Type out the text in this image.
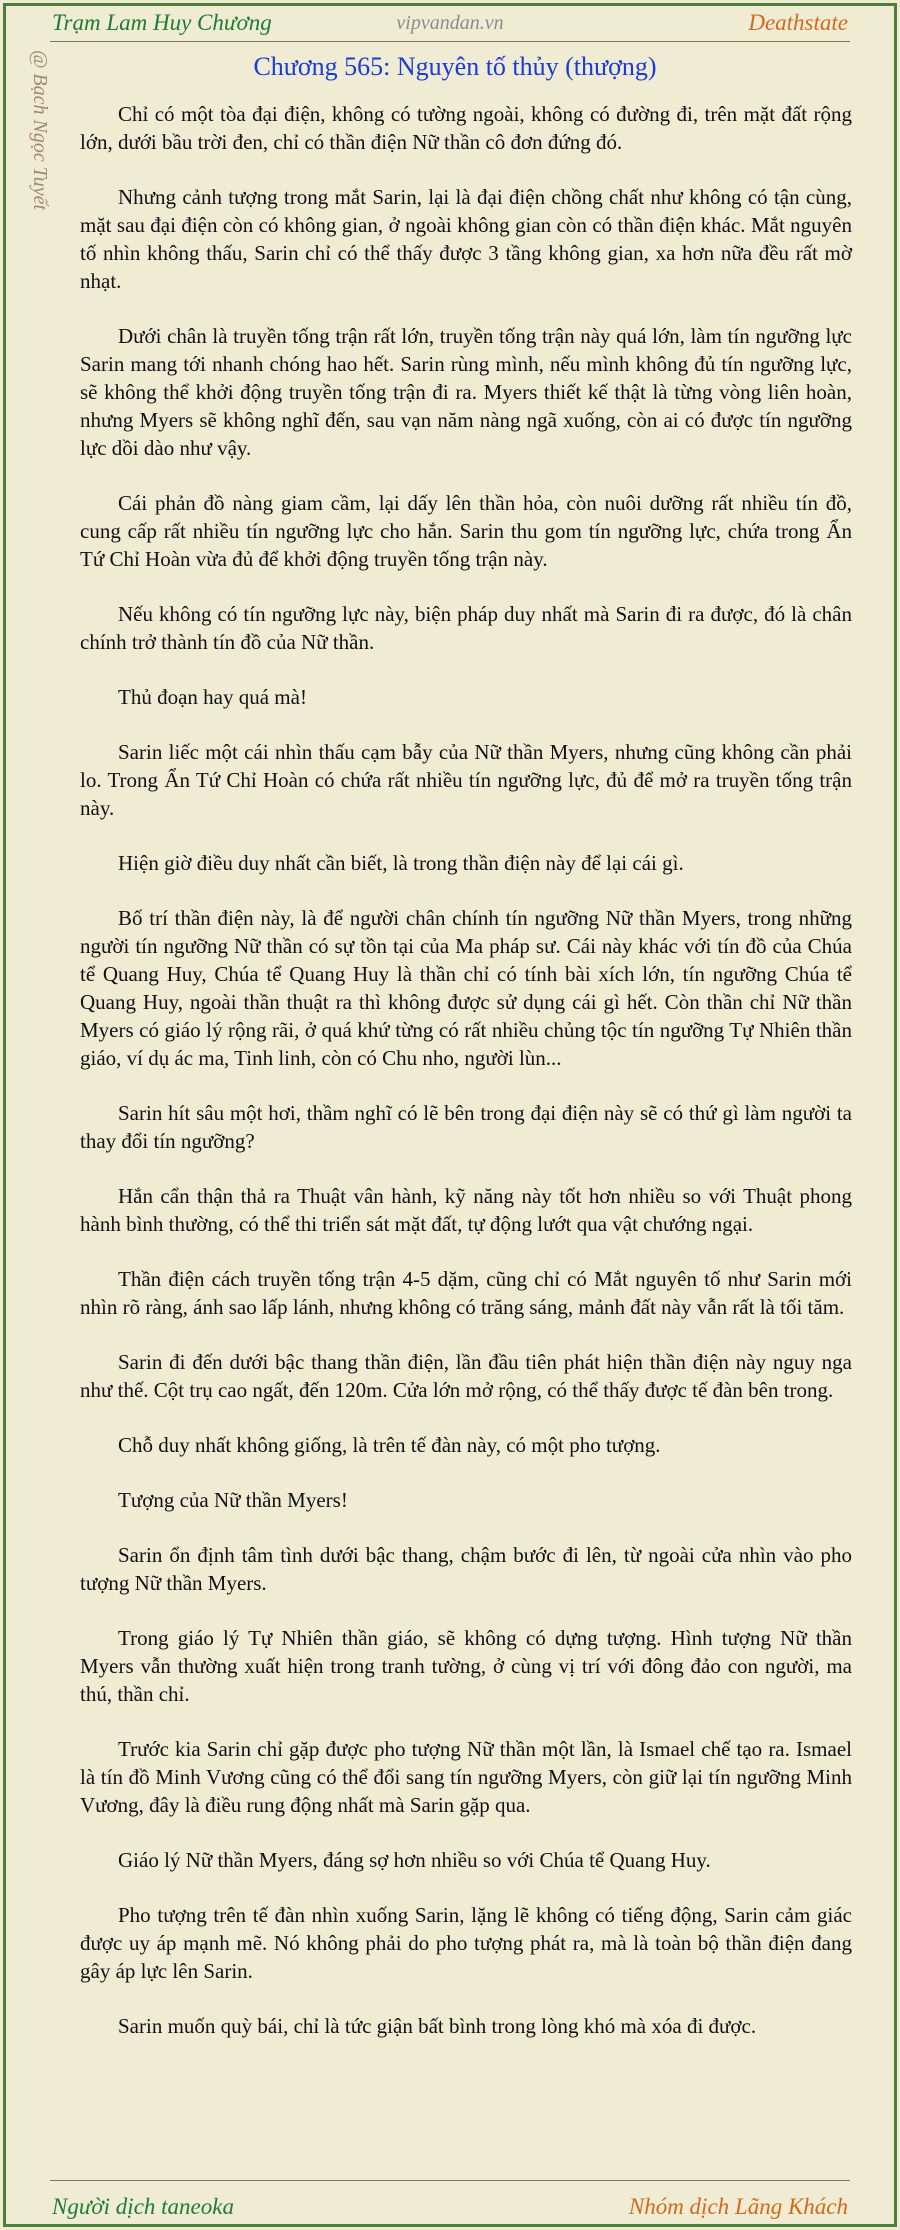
Trạm Lam Huy Chương	vipvandan.vn	Deathstate
@ Bạch Ngọc Tuyết	Chương 565: Nguyên tố thủy (thượng)

Chỉ có một tòa đại điện, không có tường ngoài, không có đường đi, trên mặt đất rộng lớn, dưới bầu trời đen, chỉ có thần điện Nữ thần cô đơn đứng đó.

Nhưng cảnh tượng trong mắt Sarin, lại là đại điện chồng chất như không có tận cùng, mặt sau đại điện còn có không gian, ở ngoài không gian còn có thần điện khác. Mắt nguyên tố nhìn không thấu, Sarin chỉ có thể thấy được 3 tầng không gian, xa hơn nữa đều rất mờ nhạt.

Dưới chân là truyền tống trận rất lớn, truyền tống trận này quá lớn, làm tín ngưỡng lực Sarin mang tới nhanh chóng hao hết. Sarin rùng mình, nếu mình không đủ tín ngưỡng lực, sẽ không thể khởi động truyền tống trận đi ra. Myers thiết kế thật là từng vòng liên hoàn, nhưng Myers sẽ không nghĩ đến, sau vạn năm nàng ngã xuống, còn ai có được tín ngưỡng lực dồi dào như vậy.

Cái phản đồ nàng giam cầm, lại dấy lên thần hỏa, còn nuôi dưỡng rất nhiều tín đồ, cung cấp rất nhiều tín ngưỡng lực cho hắn. Sarin thu gom tín ngưỡng lực, chứa trong Ẩn Tứ Chỉ Hoàn vừa đủ để khởi động truyền tống trận này.

Nếu không có tín ngưỡng lực này, biện pháp duy nhất mà Sarin đi ra được, đó là chân chính trở thành tín đồ của Nữ thần.

Thủ đoạn hay quá mà!

Sarin liếc một cái nhìn thấu cạm bẫy của Nữ thần Myers, nhưng cũng không cần phải lo. Trong Ẩn Tứ Chỉ Hoàn có chứa rất nhiều tín ngưỡng lực, đủ để mở ra truyền tống trận này.

Hiện giờ điều duy nhất cần biết, là trong thần điện này để lại cái gì.

Bố trí thần điện này, là để người chân chính tín ngưỡng Nữ thần Myers, trong những người tín ngưỡng Nữ thần có sự tồn tại của Ma pháp sư. Cái này khác với tín đồ của Chúa tể Quang Huy, Chúa tể Quang Huy là thần chỉ có tính bài xích lớn, tín ngưỡng Chúa tể Quang Huy, ngoài thần thuật ra thì không được sử dụng cái gì hết. Còn thần chỉ Nữ thần Myers có giáo lý rộng rãi, ở quá khứ từng có rất nhiều chủng tộc tín ngưỡng Tự Nhiên thần giáo, ví dụ ác ma, Tinh linh, còn có Chu nho, người lùn...

Sarin hít sâu một hơi, thầm nghĩ có lẽ bên trong đại điện này sẽ có thứ gì làm người ta thay đổi tín ngưỡng?

Hắn cẩn thận thả ra Thuật vân hành, kỹ năng này tốt hơn nhiều so với Thuật phong hành bình thường, có thể thi triển sát mặt đất, tự động lướt qua vật chướng ngại.

Thần điện cách truyền tống trận 4-5 dặm, cũng chỉ có Mắt nguyên tố như Sarin mới nhìn rõ ràng, ánh sao lấp lánh, nhưng không có trăng sáng, mảnh đất này vẫn rất là tối tăm.

Sarin đi đến dưới bậc thang thần điện, lần đầu tiên phát hiện thần điện này nguy nga như thế. Cột trụ cao ngất, đến 120m. Cửa lớn mở rộng, có thể thấy được tế đàn bên trong.

Chỗ duy nhất không giống, là trên tế đàn này, có một pho tượng.

Tượng của Nữ thần Myers!

Sarin ổn định tâm tình dưới bậc thang, chậm bước đi lên, từ ngoài cửa nhìn vào pho tượng Nữ thần Myers.

Trong giáo lý Tự Nhiên thần giáo, sẽ không có dựng tượng. Hình tượng Nữ thần Myers vẫn thường xuất hiện trong tranh tường, ở cùng vị trí với đông đảo con người, ma thú, thần chỉ.

Trước kia Sarin chỉ gặp được pho tượng Nữ thần một lần, là Ismael chế tạo ra. Ismael là tín đồ Minh Vương cũng có thể đổi sang tín ngưỡng Myers, còn giữ lại tín ngưỡng Minh Vương, đây là điều rung động nhất mà Sarin gặp qua.

Giáo lý Nữ thần Myers, đáng sợ hơn nhiều so với Chúa tể Quang Huy.

Pho tượng trên tế đàn nhìn xuống Sarin, lặng lẽ không có tiếng động, Sarin cảm giác được uy áp mạnh mẽ. Nó không phải do pho tượng phát ra, mà là toàn bộ thần điện đang gây áp lực lên Sarin.

Sarin muốn quỳ bái, chỉ là tức giận bất bình trong lòng khó mà xóa đi được.

Người dịch taneoka	Nhóm dịch Lãng Khách
